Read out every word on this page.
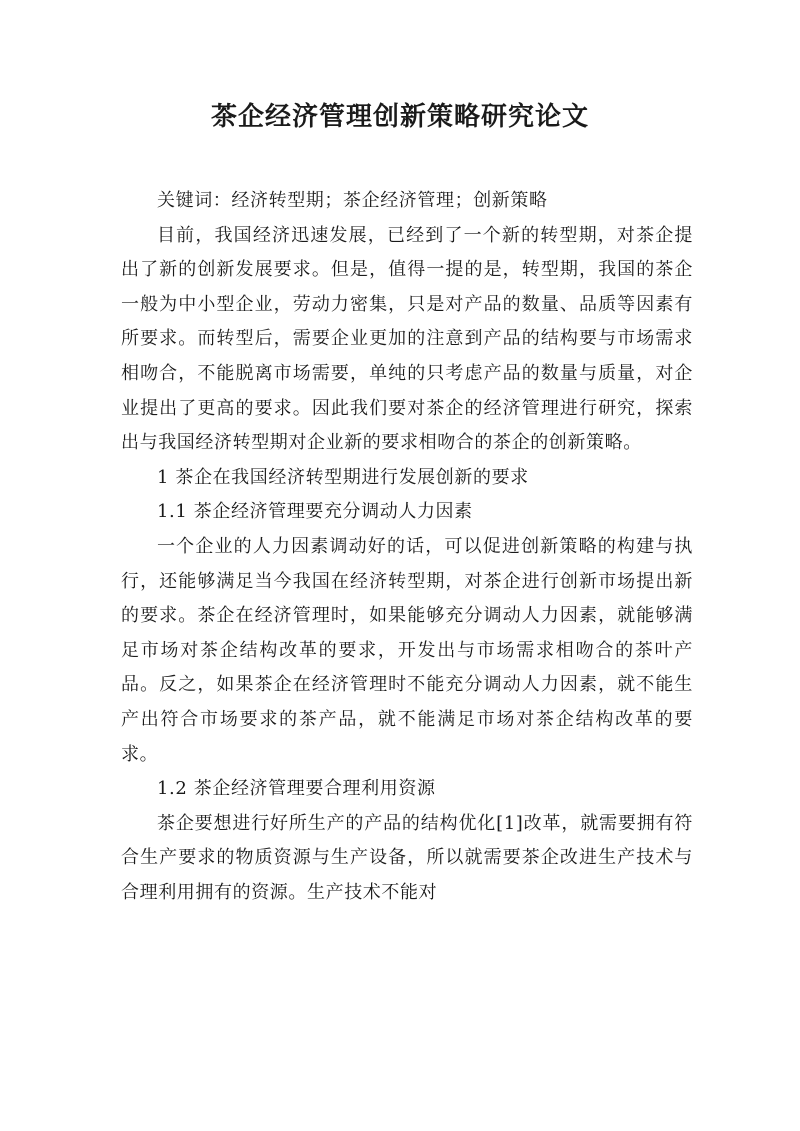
茶企经济管理创新策略研究论文

关键词：经济转型期；茶企经济管理；创新策略

目前，我国经济迅速发展，已经到了一个新的转型期，对茶企提出了新的创新发展要求。但是，值得一提的是，转型期，我国的茶企一般为中小型企业，劳动力密集，只是对产品的数量、品质等因素有所要求。而转型后，需要企业更加的注意到产品的结构要与市场需求相吻合，不能脱离市场需要，单纯的只考虑产品的数量与质量，对企业提出了更高的要求。因此我们要对茶企的经济管理进行研究，探索出与我国经济转型期对企业新的要求相吻合的茶企的创新策略。

1 茶企在我国经济转型期进行发展创新的要求

1.1 茶企经济管理要充分调动人力因素

一个企业的人力因素调动好的话，可以促进创新策略的构建与执行，还能够满足当今我国在经济转型期，对茶企进行创新市场提出新的要求。茶企在经济管理时，如果能够充分调动人力因素，就能够满足市场对茶企结构改革的要求，开发出与市场需求相吻合的茶叶产品。反之，如果茶企在经济管理时不能充分调动人力因素，就不能生产出符合市场要求的茶产品，就不能满足市场对茶企结构改革的要求。

1.2 茶企经济管理要合理利用资源

茶企要想进行好所生产的产品的结构优化[1]改革，就需要拥有符合生产要求的物质资源与生产设备，所以就需要茶企改进生产技术与合理利用拥有的资源。生产技术不能对
